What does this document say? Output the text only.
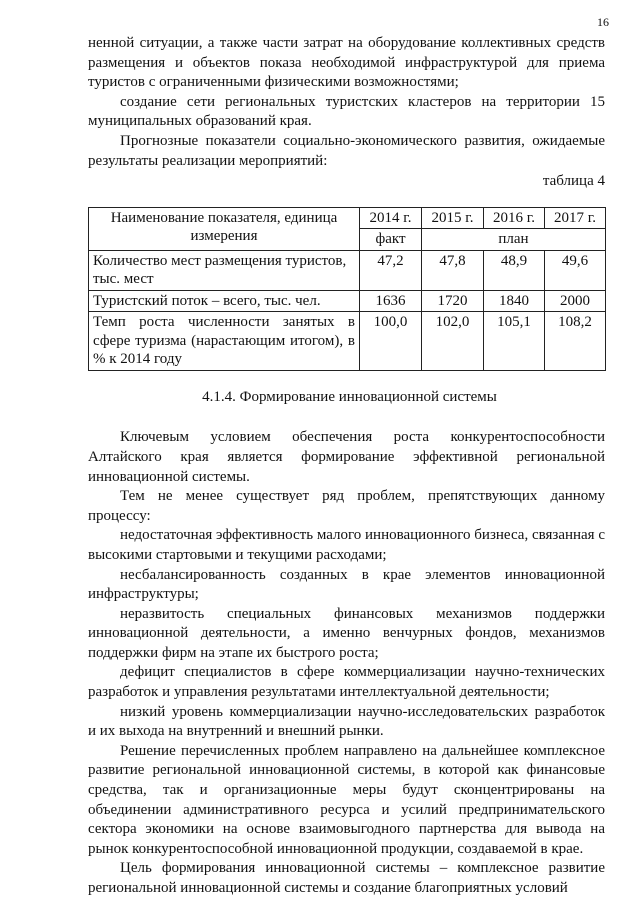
16

ненной ситуации, а также части затрат на оборудование коллективных средств размещения и объектов показа необходимой инфраструктурой для приема туристов с ограниченными физическими возможностями;

создание сети региональных туристских кластеров на территории 15 муниципальных образований края.

Прогнозные показатели социально-экономического развития, ожидаемые результаты реализации мероприятий:

таблица 4
Наименование показателя, единица измерения	2014 г.	2015 г.	2016 г.	2017 г.
	факт	план		
Количество мест размещения туристов, тыс. мест	47,2	47,8	48,9	49,6
Туристский поток – всего, тыс. чел.	1636	1720	1840	2000
Темп роста численности занятых в сфере туризма (нарастающим итогом), в % к 2014 году	100,0	102,0	105,1	108,2
4.1.4. Формирование инновационной системы

Ключевым условием обеспечения роста конкурентоспособности Алтайского края является формирование эффективной региональной инновационной системы.

Тем не менее существует ряд проблем, препятствующих данному процессу:

недостаточная эффективность малого инновационного бизнеса, связанная с высокими стартовыми и текущими расходами;

несбалансированность созданных в крае элементов инновационной инфраструктуры;

неразвитость специальных финансовых механизмов поддержки инновационной деятельности, а именно венчурных фондов, механизмов поддержки фирм на этапе их быстрого роста;

дефицит специалистов в сфере коммерциализации научно-технических разработок и управления результатами интеллектуальной деятельности;

низкий уровень коммерциализации научно-исследовательских разработок и их выхода на внутренний и внешний рынки.

Решение перечисленных проблем направлено на дальнейшее комплексное развитие региональной инновационной системы, в которой как финансовые средства, так и организационные меры будут сконцентрированы на объединении административного ресурса и усилий предпринимательского сектора экономики на основе взаимовыгодного партнерства для вывода на рынок конкурентоспособной инновационной продукции, создаваемой в крае.

Цель формирования инновационной системы – комплексное развитие региональной инновационной системы и создание благоприятных условий
